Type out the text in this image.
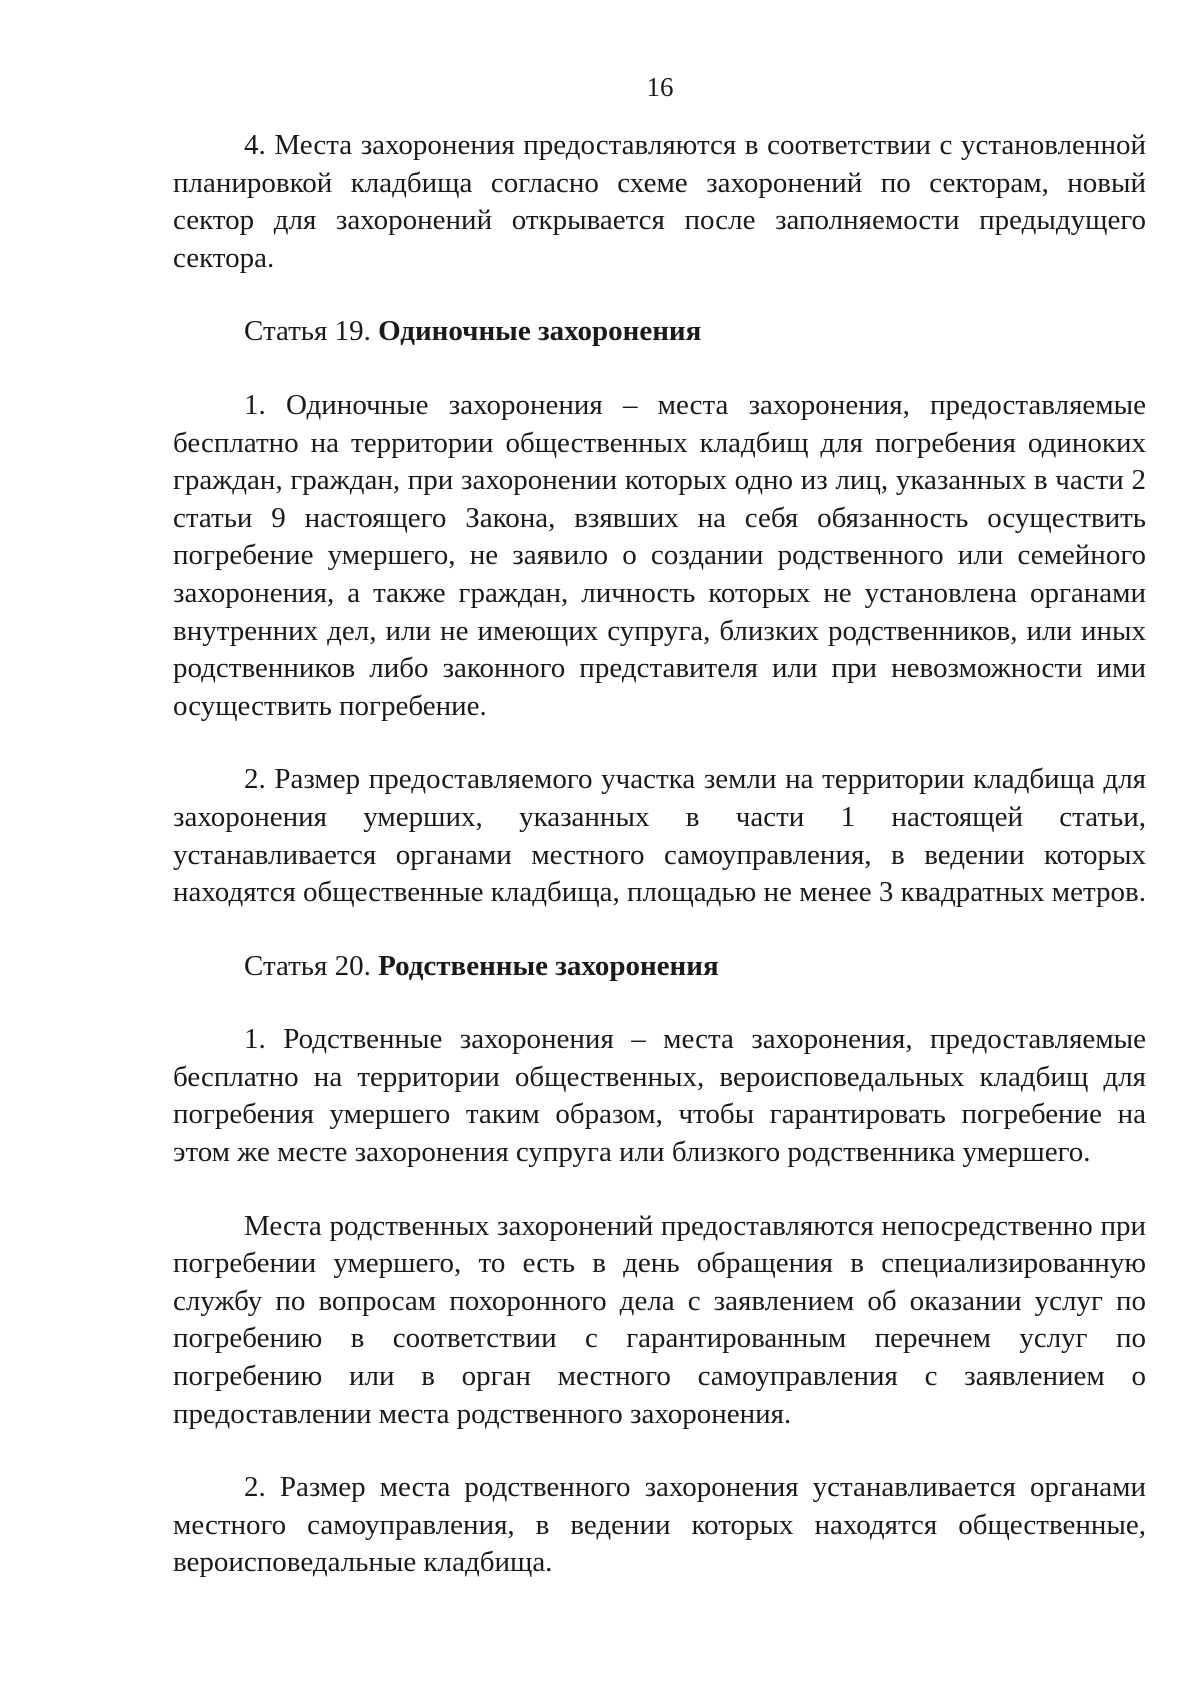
16

4. Места захоронения предоставляются в соответствии с установленной планировкой кладбища согласно схеме захоронений по секторам, новый сектор для захоронений открывается после заполняемости предыдущего сектора.

Статья 19. Одиночные захоронения

1. Одиночные захоронения – места захоронения, предоставляемые бесплатно на территории общественных кладбищ для погребения одиноких граждан, граждан, при захоронении которых одно из лиц, указанных в части 2 статьи 9 настоящего Закона, взявших на себя обязанность осуществить погребение умершего, не заявило о создании родственного или семейного захоронения, а также граждан, личность которых не установлена органами внутренних дел, или не имеющих супруга, близких родственников, или иных родственников либо законного представителя или при невозможности ими осуществить погребение.

2. Размер предоставляемого участка земли на территории кладбища для захоронения умерших, указанных в части 1 настоящей статьи, устанавливается органами местного самоуправления, в ведении которых находятся общественные кладбища, площадью не менее 3 квадратных метров.

Статья 20. Родственные захоронения

1. Родственные захоронения – места захоронения, предоставляемые бесплатно на территории общественных, вероисповедальных кладбищ для погребения умершего таким образом, чтобы гарантировать погребение на этом же месте захоронения супруга или близкого родственника умершего.

Места родственных захоронений предоставляются непосредственно при погребении умершего, то есть в день обращения в специализированную службу по вопросам похоронного дела с заявлением об оказании услуг по погребению в соответствии с гарантированным перечнем услуг по погребению или в орган местного самоуправления с заявлением о предоставлении места родственного захоронения.

2. Размер места родственного захоронения устанавливается органами местного самоуправления, в ведении которых находятся общественные, вероисповедальные кладбища.
